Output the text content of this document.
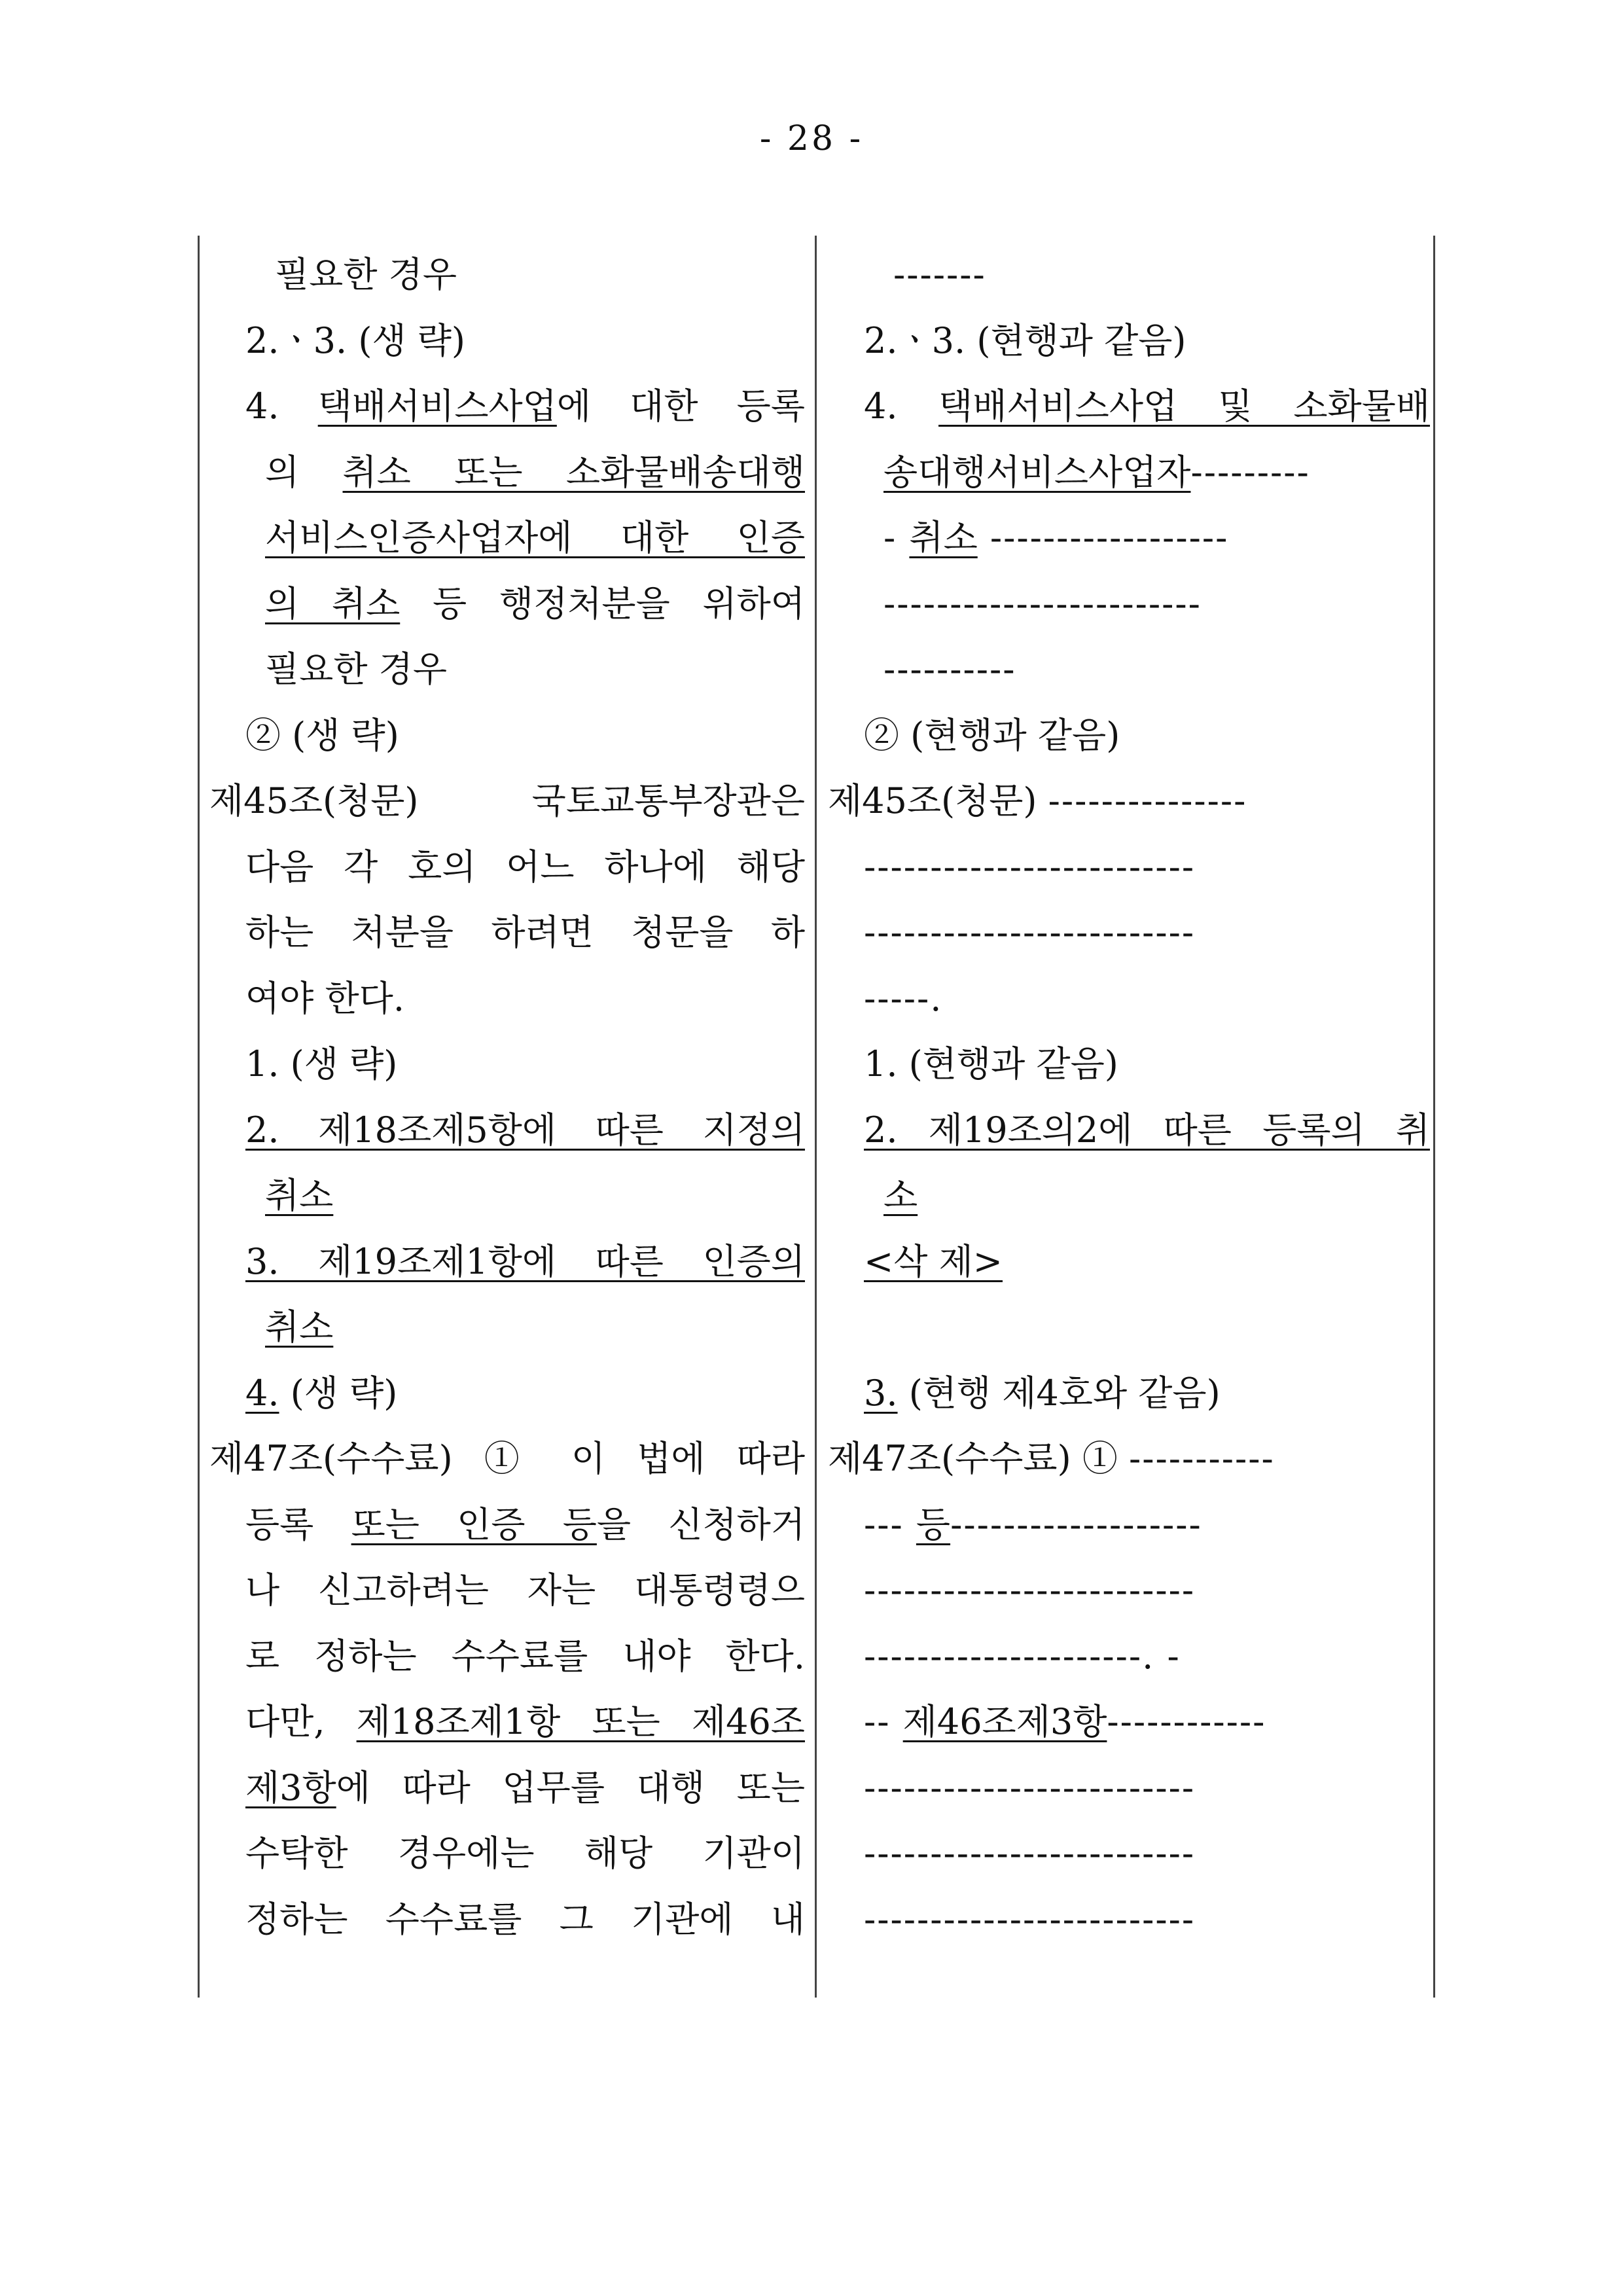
- 28 -
필요한 경우
2.ㆍ3. (생 략)
4. 택배서비스사업에 대한 등록
의 취소 또는 소화물배송대행
서비스인증사업자에 대한 인증
의 취소 등 행정처분을 위하여
필요한 경우
② (생 략)
제45조(청문) 국토교통부장관은
다음 각 호의 어느 하나에 해당
하는 처분을 하려면 청문을 하
여야 한다.
1. (생 략)
2. 제18조제5항에 따른 지정의
취소
3. 제19조제1항에 따른 인증의
취소
4. (생 략)
제47조(수수료) ① 이 법에 따라
등록 또는 인증 등을 신청하거
나 신고하려는 자는 대통령령으
로 정하는 수수료를 내야 한다.
다만, 제18조제1항 또는 제46조
제3항에 따라 업무를 대행 또는
수탁한 경우에는 해당 기관이
정하는 수수료를 그 기관에 내
-------
2.ㆍ3. (현행과 같음)
4. 택배서비스사업 및 소화물배
송대행서비스사업자---------
- 취소 ------------------
------------------------
----------
② (현행과 같음)
제45조(청문) ---------------
-------------------------
-------------------------
-----.
1. (현행과 같음)
2. 제19조의2에 따른 등록의 취
소
<삭 제>
3. (현행 제4호와 같음)
제47조(수수료) ① -----------
--- 등-------------------
-------------------------
---------------------. -
-- 제46조제3항------------
-------------------------
-------------------------
-------------------------
